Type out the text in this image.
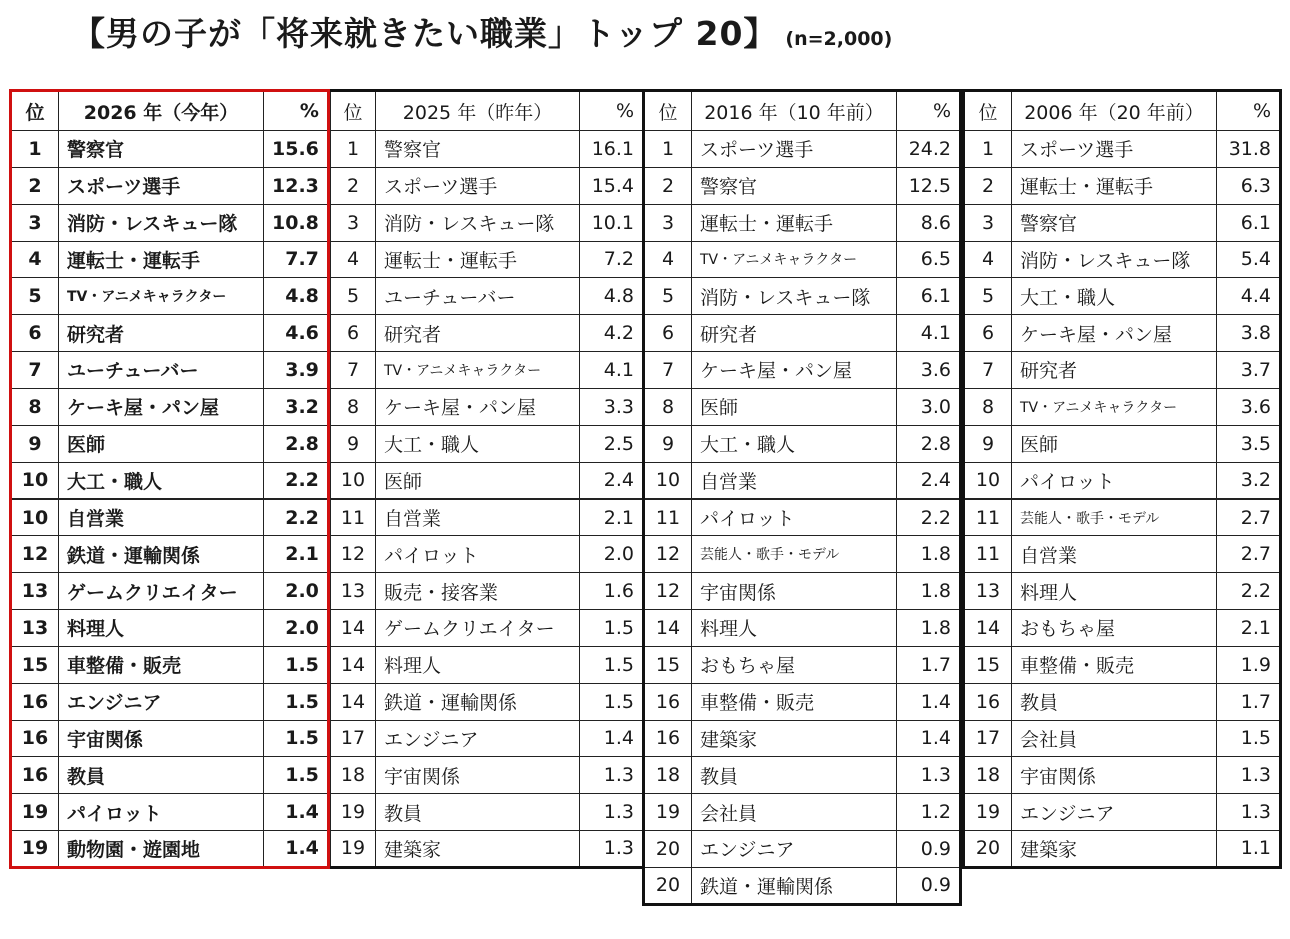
【男の子が「将来就きたい職業」トップ 20】 (n=2,000)
位	2026 年（今年）	%
1	警察官	15.6
2	スポーツ選手	12.3
3	消防・レスキュー隊	10.8
4	運転士・運転手	7.7
5	TV・アニメキャラクター	4.8
6	研究者	4.6
7	ユーチューバー	3.9
8	ケーキ屋・パン屋	3.2
9	医師	2.8
10	大工・職人	2.2
10	自営業	2.2
12	鉄道・運輸関係	2.1
13	ゲームクリエイター	2.0
13	料理人	2.0
15	車整備・販売	1.5
16	エンジニア	1.5
16	宇宙関係	1.5
16	教員	1.5
19	パイロット	1.4
19	動物園・遊園地	1.4
位	2025 年（昨年）	%
1	警察官	16.1
2	スポーツ選手	15.4
3	消防・レスキュー隊	10.1
4	運転士・運転手	7.2
5	ユーチューバー	4.8
6	研究者	4.2
7	TV・アニメキャラクター	4.1
8	ケーキ屋・パン屋	3.3
9	大工・職人	2.5
10	医師	2.4
11	自営業	2.1
12	パイロット	2.0
13	販売・接客業	1.6
14	ゲームクリエイター	1.5
14	料理人	1.5
14	鉄道・運輸関係	1.5
17	エンジニア	1.4
18	宇宙関係	1.3
19	教員	1.3
19	建築家	1.3
位	2016 年（10 年前）	%
1	スポーツ選手	24.2
2	警察官	12.5
3	運転士・運転手	8.6
4	TV・アニメキャラクター	6.5
5	消防・レスキュー隊	6.1
6	研究者	4.1
7	ケーキ屋・パン屋	3.6
8	医師	3.0
9	大工・職人	2.8
10	自営業	2.4
11	パイロット	2.2
12	芸能人・歌手・モデル	1.8
12	宇宙関係	1.8
14	料理人	1.8
15	おもちゃ屋	1.7
16	車整備・販売	1.4
16	建築家	1.4
18	教員	1.3
19	会社員	1.2
20	エンジニア	0.9
20	鉄道・運輸関係	0.9
位	2006 年（20 年前）	%
1	スポーツ選手	31.8
2	運転士・運転手	6.3
3	警察官	6.1
4	消防・レスキュー隊	5.4
5	大工・職人	4.4
6	ケーキ屋・パン屋	3.8
7	研究者	3.7
8	TV・アニメキャラクター	3.6
9	医師	3.5
10	パイロット	3.2
11	芸能人・歌手・モデル	2.7
11	自営業	2.7
13	料理人	2.2
14	おもちゃ屋	2.1
15	車整備・販売	1.9
16	教員	1.7
17	会社員	1.5
18	宇宙関係	1.3
19	エンジニア	1.3
20	建築家	1.1
